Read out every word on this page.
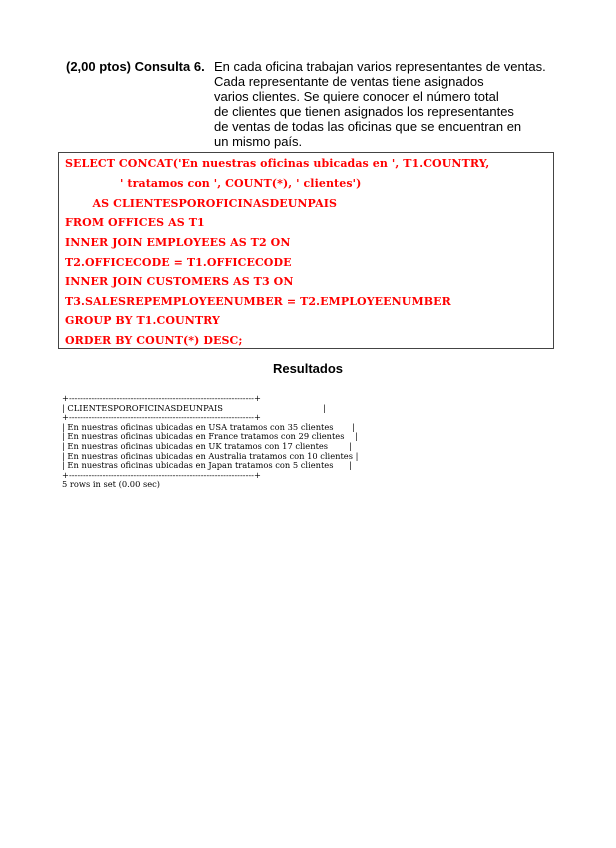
(2,00 ptos) Consulta 6. En cada oficina trabajan varios representantes de ventas.
Cada representante de ventas tiene asignados
varios clientes. Se quiere conocer el número total
de clientes que tienen asignados los representantes
de ventas de todas las oficinas que se encuentran en
un mismo país.
SELECT CONCAT('En nuestras oficinas ubicadas en ', T1.COUNTRY,
' tratamos con ', COUNT(*), ' clientes')
AS CLIENTESPOROFICINASDEUNPAIS
FROM OFFICES AS T1
INNER JOIN EMPLOYEES AS T2 ON
T2.OFFICECODE = T1.OFFICECODE
INNER JOIN CUSTOMERS AS T3 ON
T3.SALESREPEMPLOYEENUMBER = T2.EMPLOYEENUMBER
GROUP BY T1.COUNTRY
ORDER BY COUNT(*) DESC;
Resultados
+------------------------------------------------------------------+
| CLIENTESPOROFICINASDEUNPAIS                                      |
+------------------------------------------------------------------+
| En nuestras oficinas ubicadas en USA tratamos con 35 clientes       |
| En nuestras oficinas ubicadas en France tratamos con 29 clientes    |
| En nuestras oficinas ubicadas en UK tratamos con 17 clientes        |
| En nuestras oficinas ubicadas en Australia tratamos con 10 clientes |
| En nuestras oficinas ubicadas en Japan tratamos con 5 clientes      |
+------------------------------------------------------------------+
5 rows in set (0.00 sec)
